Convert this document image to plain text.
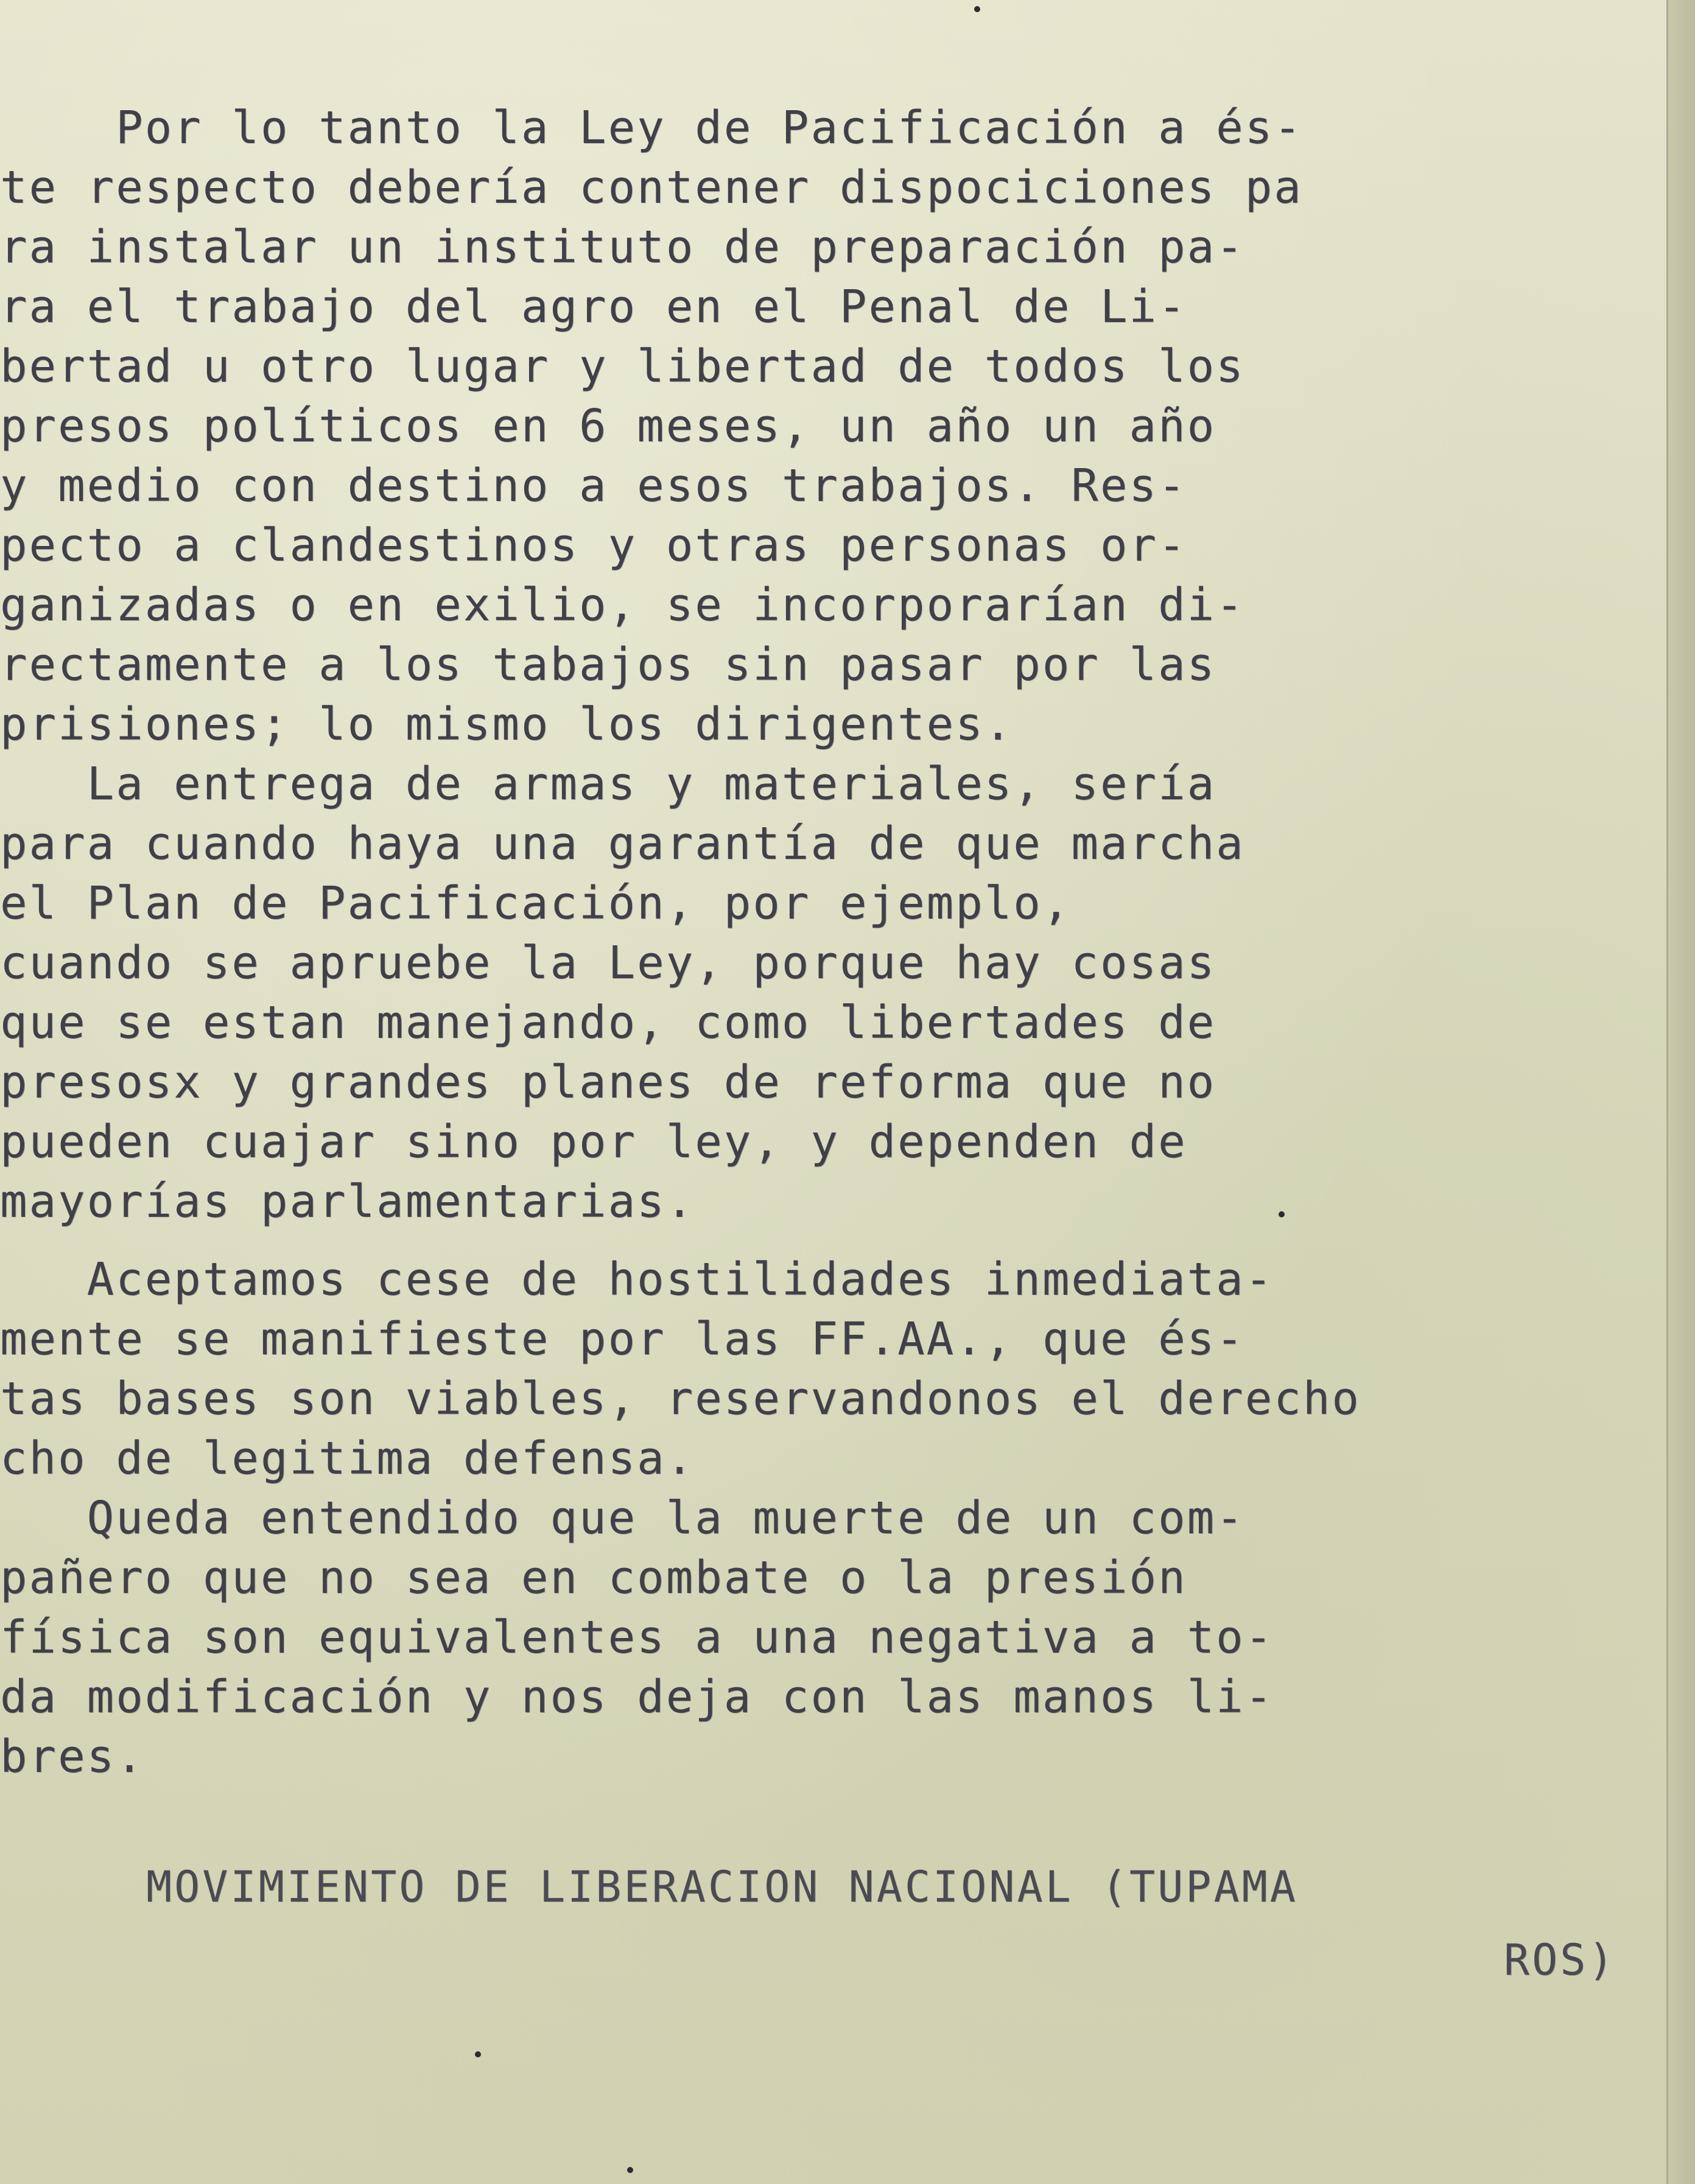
Por lo tanto la Ley de Pacificación a és-
te respecto debería contener dispociciones pa
ra instalar un instituto de preparación pa-
ra el trabajo del agro en el Penal de Li-
bertad u otro lugar y libertad de todos los
presos políticos en 6 meses, un año un año
y medio con destino a esos trabajos. Res-
pecto a clandestinos y otras personas or-
ganizadas o en exilio, se incorporarían di-
rectamente a los tabajos sin pasar por las
prisiones; lo mismo los dirigentes.
La entrega de armas y materiales, sería
para cuando haya una garantía de que marcha
el Plan de Pacificación, por ejemplo,
cuando se apruebe la Ley, porque hay cosas
que se estan manejando, como libertades de
presosx y grandes planes de reforma que no
pueden cuajar sino por ley, y dependen de
mayorías parlamentarias.
Aceptamos cese de hostilidades inmediata-
mente se manifieste por las FF.AA., que és-
tas bases son viables, reservandonos el derecho
cho de legitima defensa.
Queda entendido que la muerte de un com-
pañero que no sea en combate o la presión
física son equivalentes a una negativa a to-
da modificación y nos deja con las manos li-
bres.
MOVIMIENTO DE LIBERACION NACIONAL (TUPAMA
ROS)
